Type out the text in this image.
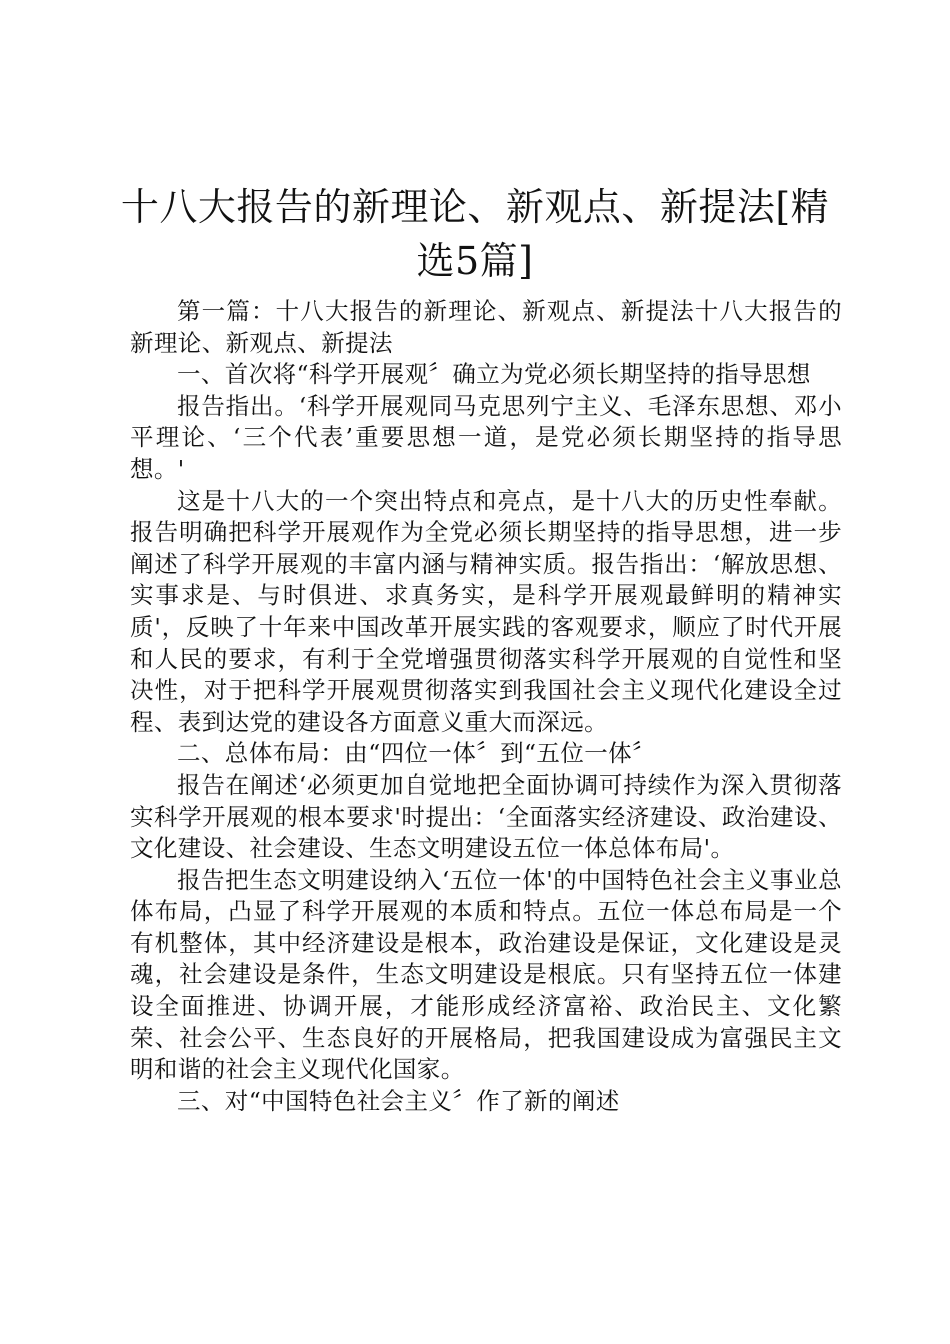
十八大报告的新理论、新观点、新提法[精选5篇]

第一篇：十八大报告的新理论、新观点、新提法十八大报告的新理论、新观点、新提法

一、首次将“科学开展观〞确立为党必须长期坚持的指导思想

报告指出。‘科学开展观同马克思列宁主义、毛泽东思想、邓小平理论、‘三个代表’重要思想一道，是党必须长期坚持的指导思想。'

这是十八大的一个突出特点和亮点，是十八大的历史性奉献。报告明确把科学开展观作为全党必须长期坚持的指导思想，进一步阐述了科学开展观的丰富内涵与精神实质。报告指出：‘解放思想、实事求是、与时俱进、求真务实，是科学开展观最鲜明的精神实质'，反映了十年来中国改革开展实践的客观要求，顺应了时代开展和人民的要求，有利于全党增强贯彻落实科学开展观的自觉性和坚决性，对于把科学开展观贯彻落实到我国社会主义现代化建设全过程、表到达党的建设各方面意义重大而深远。

二、总体布局：由“四位一体〞到“五位一体〞

报告在阐述‘必须更加自觉地把全面协调可持续作为深入贯彻落实科学开展观的根本要求'时提出：‘全面落实经济建设、政治建设、文化建设、社会建设、生态文明建设五位一体总体布局'。

报告把生态文明建设纳入‘五位一体'的中国特色社会主义事业总体布局，凸显了科学开展观的本质和特点。五位一体总布局是一个有机整体，其中经济建设是根本，政治建设是保证，文化建设是灵魂，社会建设是条件，生态文明建设是根底。只有坚持五位一体建设全面推进、协调开展，才能形成经济富裕、政治民主、文化繁荣、社会公平、生态良好的开展格局，把我国建设成为富强民主文明和谐的社会主义现代化国家。

三、对“中国特色社会主义〞作了新的阐述
